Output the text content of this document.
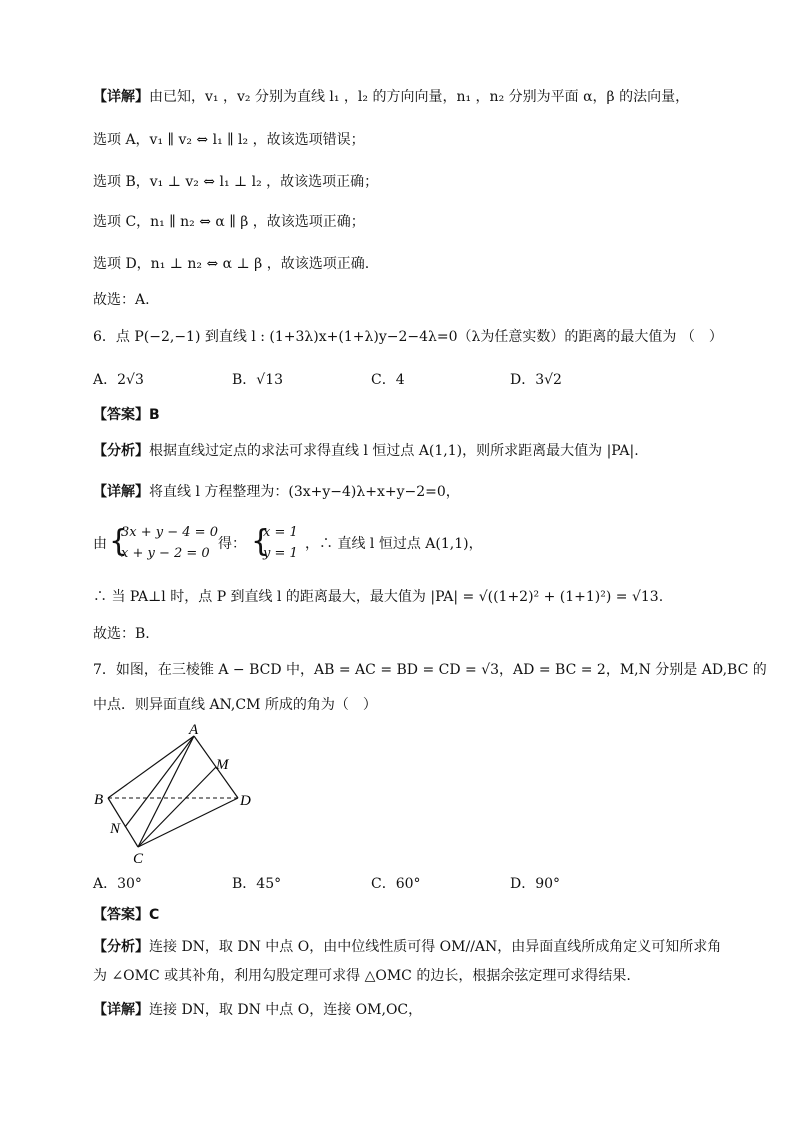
【详解】由已知，v₁ ，v₂ 分别为直线 l₁ ，l₂ 的方向向量，n₁ ，n₂ 分别为平面 α，β 的法向量，
选项 A，v₁ ∥ v₂ ⇔ l₁ ∥ l₂ ，故该选项错误；
选项 B，v₁ ⊥ v₂ ⇔ l₁ ⊥ l₂ ，故该选项正确；
选项 C，n₁ ∥ n₂ ⇔ α ∥ β ，故该选项正确；
选项 D，n₁ ⊥ n₂ ⇔ α ⊥ β ，故该选项正确.
故选：A.
6．点 P(−2,−1) 到直线 l : (1+3λ)x+(1+λ)y−2−4λ=0（λ为任意实数）的距离的最大值为 （　）
A．2√3	B．√13	C．4	D．3√2
【答案】B
【分析】根据直线过定点的求法可求得直线 l 恒过点 A(1,1)，则所求距离最大值为 |PA|.
【详解】将直线 l 方程整理为：(3x+y−4)λ+x+y−2=0，
由 {
3x + y − 4 = 0
x + y − 2 = 0
得： {
x = 1
y = 1
，∴ 直线 l 恒过点 A(1,1)，
∴ 当 PA⊥l 时，点 P 到直线 l 的距离最大，最大值为 |PA| = √((1+2)² + (1+1)²) = √13.
故选：B.
7．如图，在三棱锥 A − BCD 中，AB = AC = BD = CD = √3，AD = BC = 2，M,N 分别是 AD,BC 的
中点．则异面直线 AN,CM 所成的角为（　）
A
B
C
D
M
N
A．30°	B．45°	C．60°	D．90°
【答案】C
【分析】连接 DN，取 DN 中点 O，由中位线性质可得 OM//AN，由异面直线所成角定义可知所求角
为 ∠OMC 或其补角，利用勾股定理可求得 △OMC 的边长，根据余弦定理可求得结果.
【详解】连接 DN，取 DN 中点 O，连接 OM,OC，
